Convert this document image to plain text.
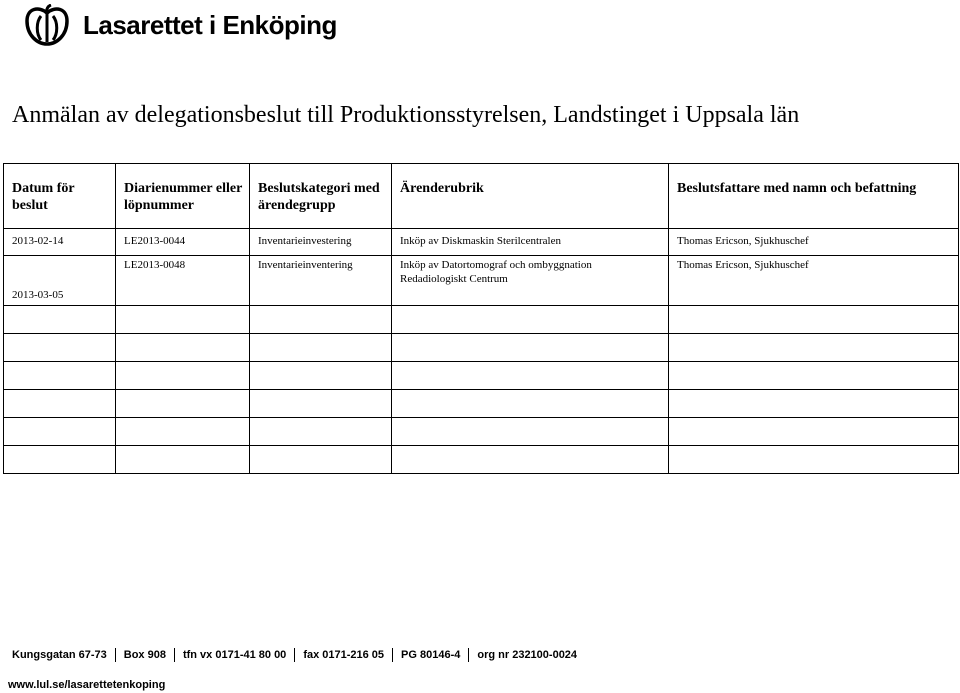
Lasarettet i Enköping
Anmälan av delegationsbeslut till Produktionsstyrelsen, Landstinget i Uppsala län
Datum för beslut	Diarienummer eller löpnummer	Beslutskategori med ärendegrupp	Ärenderubrik	Beslutsfattare med namn och befattning
2013-02-14	LE2013-0044	Inventarieinvestering	Inköp av Diskmaskin Sterilcentralen	Thomas Ericson, Sjukhuschef
2013-03-05	LE2013-0048	Inventarieinventering	Inköp av Datortomograf och ombyggnation
Redadiologiskt Centrum	Thomas Ericson, Sjukhuschef

Kungsgatan 67-73 Box 908 tfn vx 0171-41 80 00 fax 0171-216 05 PG 80146-4 org nr 232100-0024
www.lul.se/lasarettetenkoping
